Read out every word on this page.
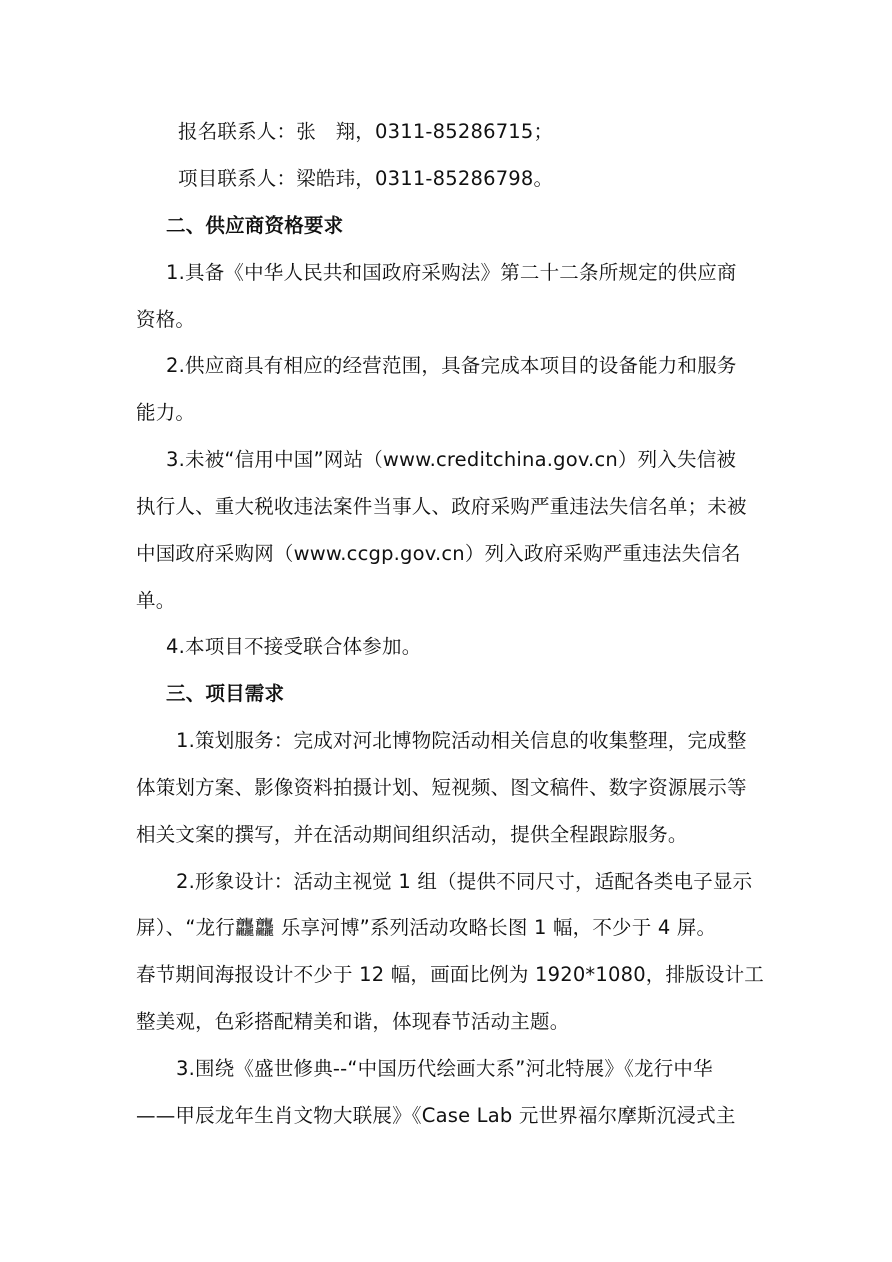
报名联系人：张　翔，0311-85286715；
项目联系人：梁皓玮，0311-85286798。
二、供应商资格要求
1.具备《中华人民共和国政府采购法》第二十二条所规定的供应商
资格。
2.供应商具有相应的经营范围，具备完成本项目的设备能力和服务
能力。
3.未被“信用中国”网站（www.creditchina.gov.cn）列入失信被
执行人、重大税收违法案件当事人、政府采购严重违法失信名单；未被
中国政府采购网（www.ccgp.gov.cn）列入政府采购严重违法失信名
单。
4.本项目不接受联合体参加。
三、项目需求
1.策划服务：完成对河北博物院活动相关信息的收集整理，完成整
体策划方案、影像资料拍摄计划、短视频、图文稿件、数字资源展示等
相关文案的撰写，并在活动期间组织活动，提供全程跟踪服务。
2.形象设计：活动主视觉 1 组（提供不同尺寸，适配各类电子显示
屏）、“龙行龘龘 乐享河博”系列活动攻略长图 1 幅，不少于 4 屏。
春节期间海报设计不少于 12 幅，画面比例为 1920*1080，排版设计工
整美观，色彩搭配精美和谐，体现春节活动主题。
3.围绕《盛世修典--“中国历代绘画大系”河北特展》《龙行中华
——甲辰龙年生肖文物大联展》《Case Lab 元世界福尔摩斯沉浸式主
